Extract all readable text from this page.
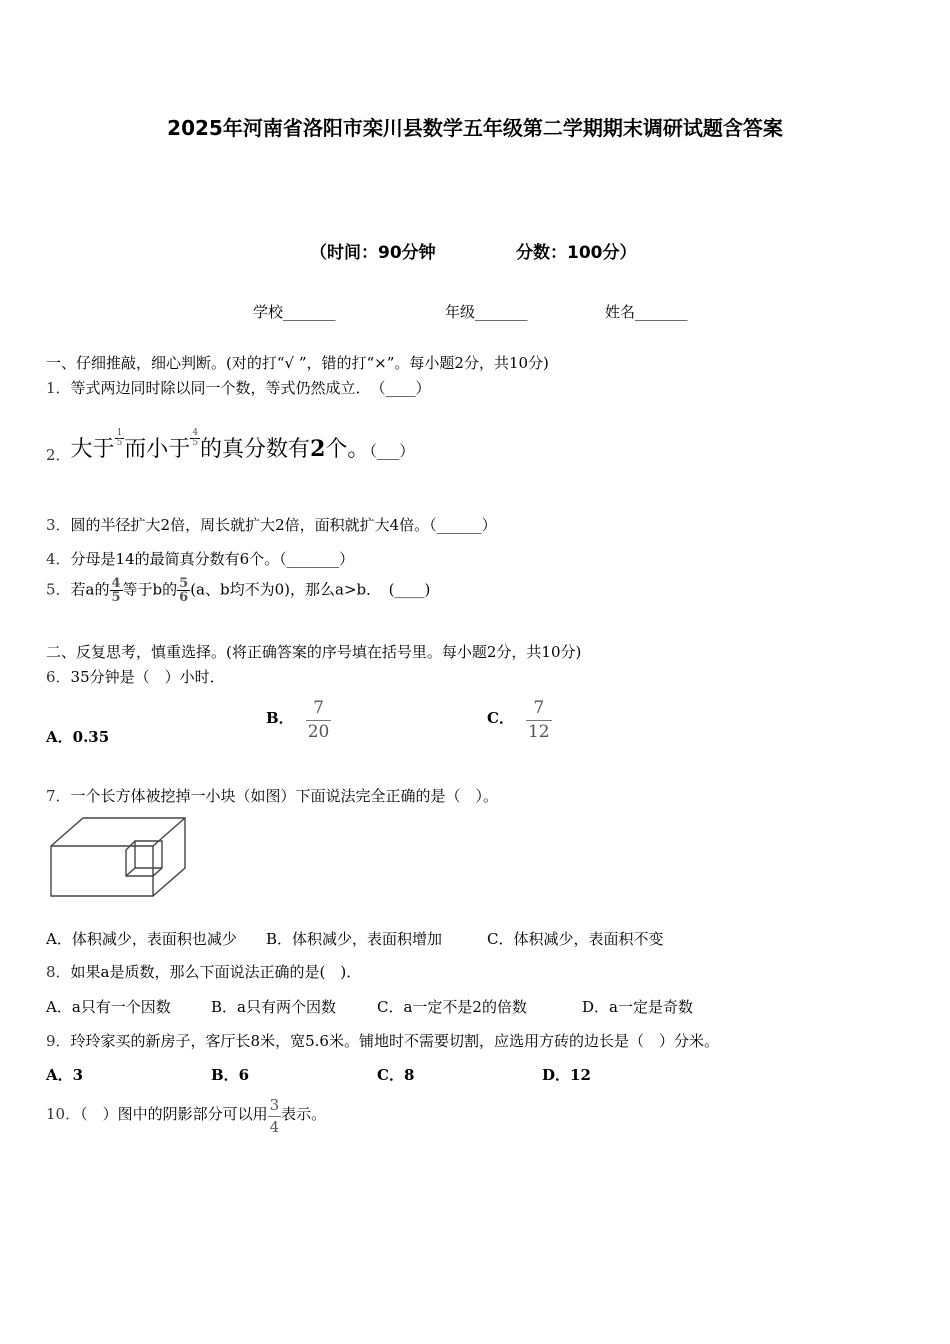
2025年河南省洛阳市栾川县数学五年级第二学期期末调研试题含答案
（时间：90分钟	分数：100分）
学校_______	年级_______	姓名_______
一、仔细推敲，细心判断。(对的打“√ ”，错的打“×”。每小题2分，共10分)
1．等式两边同时除以同一个数，等式仍然成立．　（____）
2．大于 $\frac{1}{5}$ 而小于 $\frac{4}{5}$ 的真分数有2个。（___）
3．圆的半径扩大2倍，周长就扩大2倍，面积就扩大4倍。（______）
4．分母是14的最简真分数有6个。（_______）
5．若a的 $\frac{4}{5}$ 等于b的 $\frac{5}{6} (a$、b均不为0)，那么a>b．　(____)
二、反复思考，慎重选择。(将正确答案的序号填在括号里。每小题2分，共10分)
6．35分钟是（　）小时．
A．0.35
B． $\frac{7}{20}$	C． $\frac{7}{12}$
7．一个长方体被挖掉一小块（如图）下面说法完全正确的是（　）。
A．体积减少，表面积也减少 B．体积减少，表面积增加	C．体积减少，表面积不变
8．如果a是质数，那么下面说法正确的是(　)．
A．a只有一个因数	B．a只有两个因数	C．a一定不是2的倍数	D．a一定是奇数
9．玲玲家买的新房子，客厅长8米，宽5.6米。铺地时不需要切割，应选用方砖的边长是（　）分米。
A．3	B．6	C．8	D．12
10．（　）图中的阴影部分可以用 $\frac{3}{4}$ 表示。
